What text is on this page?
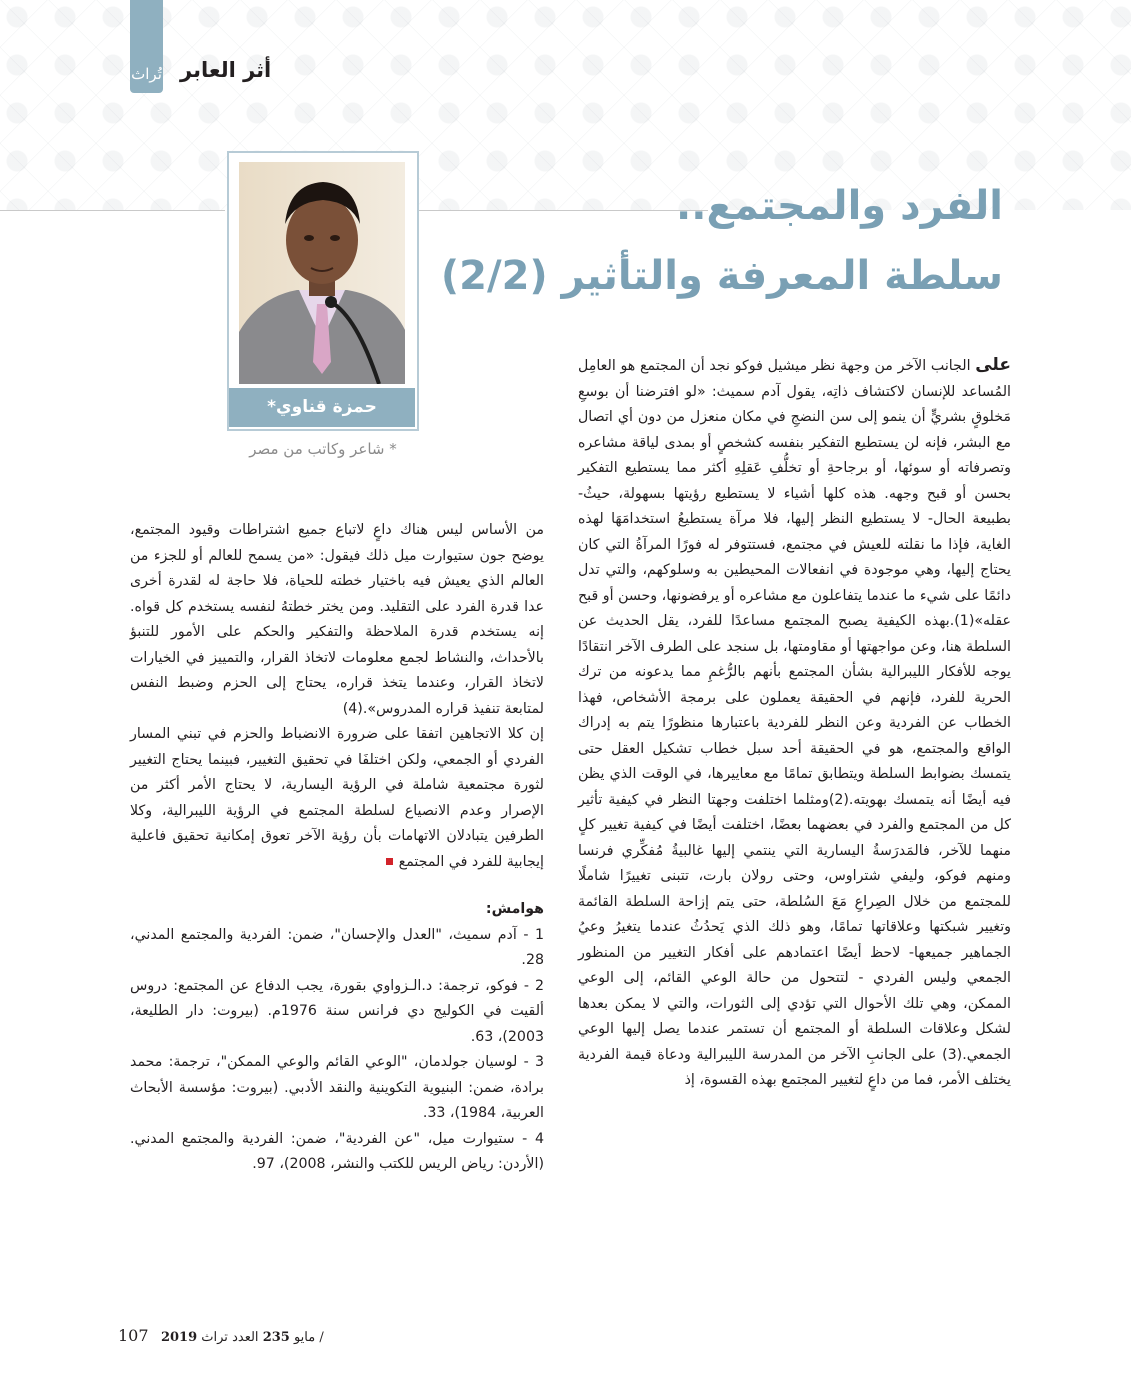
تُراث أثر العابر
الفرد والمجتمع..
سلطة المعرفة والتأثير (2/2)
حمزة قناوي*
* شاعر وكاتب من مصر

على الجانب الآخر من وجهة نظر ميشيل فوكو نجد أن المجتمع هو العامِل المُساعد للإنسان لاكتشاف ذاتِه، يقول آدم سميث: «لو افترضنا أن بوسعِ مَخلوقٍ بشريٍّ أن ينمو إلى سن النضجِ في مكان منعزل من دون أي اتصال مع البشر، فإنه لن يستطيع التفكير بنفسه كشخصٍ أو بمدى لياقة مشاعره وتصرفاته أو سوئها، أو برجاحةِ أو تخلُّفِ عَقلِهِ أكثر مما يستطيع التفكير بحسن أو قبح وجهه. هذه كلها أشياء لا يستطيع رؤيتها بسهولة، حيثُ- بطبيعة الحال- لا يستطيع النظر إليها، فلا مرآة يستطيعُ استخدامَهَا لهذه الغاية، فإذا ما نقلته للعيش في مجتمع، فستتوفر له فورًا المرآةُ التي كان يحتاج إليها، وهي موجودة في انفعالات المحيطين به وسلوكهم، والتي تدل دائمًا على شيء ما عندما يتفاعلون مع مشاعره أو يرفضونها، وحسن أو قبح عقله»(1).بهذه الكيفية يصبح المجتمع مساعدًا للفرد، يقل الحديث عن السلطة هنا، وعن مواجهتها أو مقاومتها، بل سنجد على الطرف الآخر انتقادًا يوجه للأفكار الليبرالية بشأن المجتمع بأنهم بالرُّغمِ مما يدعونه من ترك الحرية للفرد، فإنهم في الحقيقة يعملون على برمجة الأشخاص، فهذا الخطاب عن الفردية وعن النظر للفردية باعتبارها منظورًا يتم به إدراك الواقع والمجتمع، هو في الحقيقة أحد سبل خطاب تشكيل العقل حتى يتمسك بضوابط السلطة ويتطابق تمامًا مع معاييرها، في الوقت الذي يظن فيه أيضًا أنه يتمسك بهويته.(2)ومثلما اختلفت وجهتا النظر في كيفية تأثير كل من المجتمع والفرد في بعضهما بعضًا، اختلفت أيضًا في كيفية تغيير كلٍ منهما للآخر، فالمَدرَسةُ اليسارية التي ينتمي إليها غالبيةُ مُفكِّري فرنسا ومنهم فوكو، وليفي شتراوس، وحتى رولان بارت، تتبنى تغييرًا شاملًا للمجتمع من خلال الصِراعِ مَعَ السُلطة، حتى يتم إزاحة السلطة القائمة وتغيير شبكتها وعلاقاتها تمامًا، وهو ذلك الذي يَحدُثُ عندما يتغيرُ وعيُ الجماهير جميعها- لاحظ أيضًا اعتمادهم على أفكار التغيير من المنظور الجمعي وليس الفردي - لتتحول من حالة الوعي القائم، إلى الوعي الممكن، وهي تلك الأحوال التي تؤدي إلى الثورات، والتي لا يمكن بعدها لشكل وعلاقات السلطة أو المجتمع أن تستمر عندما يصل إليها الوعي الجمعي.(3) على الجانبِ الآخر من المدرسة الليبرالية ودعاة قيمة الفردية يختلف الأمر، فما من داعٍ لتغيير المجتمع بهذه القسوة، إذ

من الأساس ليس هناك داعٍ لاتباع جميع اشتراطات وقيود المجتمع، يوضح جون ستيوارت ميل ذلك فيقول: «من يسمح للعالم أو للجزء من العالم الذي يعيش فيه باختيار خطته للحياة، فلا حاجة له لقدرة أخرى عدا قدرة الفرد على التقليد. ومن يختر خطتهُ لنفسه يستخدم كل قواه. إنه يستخدم قدرة الملاحظة والتفكير والحكم على الأمور للتنبؤ بالأحداث، والنشاط لجمع معلومات لاتخاذ القرار، والتمييز في الخيارات لاتخاذ القرار، وعندما يتخذ قراره، يحتاج إلى الحزم وضبط النفس لمتابعة تنفيذ قراره المدروس».(4)

إن كلا الاتجاهين اتفقا على ضرورة الانضباط والحزم في تبني المسار الفردي أو الجمعي، ولكن اختلفَا في تحقيق التغيير، فبينما يحتاج التغيير لثورة مجتمعية شاملة في الرؤية اليسارية، لا يحتاج الأمر أكثر من الإصرار وعدم الانصياع لسلطة المجتمع في الرؤية الليبرالية، وكلا الطرفين يتبادلان الاتهامات بأن رؤية الآخر تعوق إمكانية تحقيق فاعلية إيجابية للفرد في المجتمع

هوامش:

1 - آدم سميث، "العدل والإحسان"، ضمن: الفردية والمجتمع المدني، 28.

2 - فوكو، ترجمة: د.الـزواوي بقورة، يجب الدفاع عن المجتمع: دروس ألقيت في الكوليج دي فرانس سنة 1976م. (بيروت: دار الطليعة، 2003)، 63.

3 - لوسيان جولدمان، "الوعي القائم والوعي الممكن"، ترجمة: محمد برادة، ضمن: البنيوية التكوينية والنقد الأدبي. (بيروت: مؤسسة الأبحاث العربية، 1984)، 33.

4 - ستيوارت ميل، "عن الفردية"، ضمن: الفردية والمجتمع المدني. (الأردن: رياض الريس للكتب والنشر، 2008)، 97.

107 2019	مايو 235 العدد تراث /
